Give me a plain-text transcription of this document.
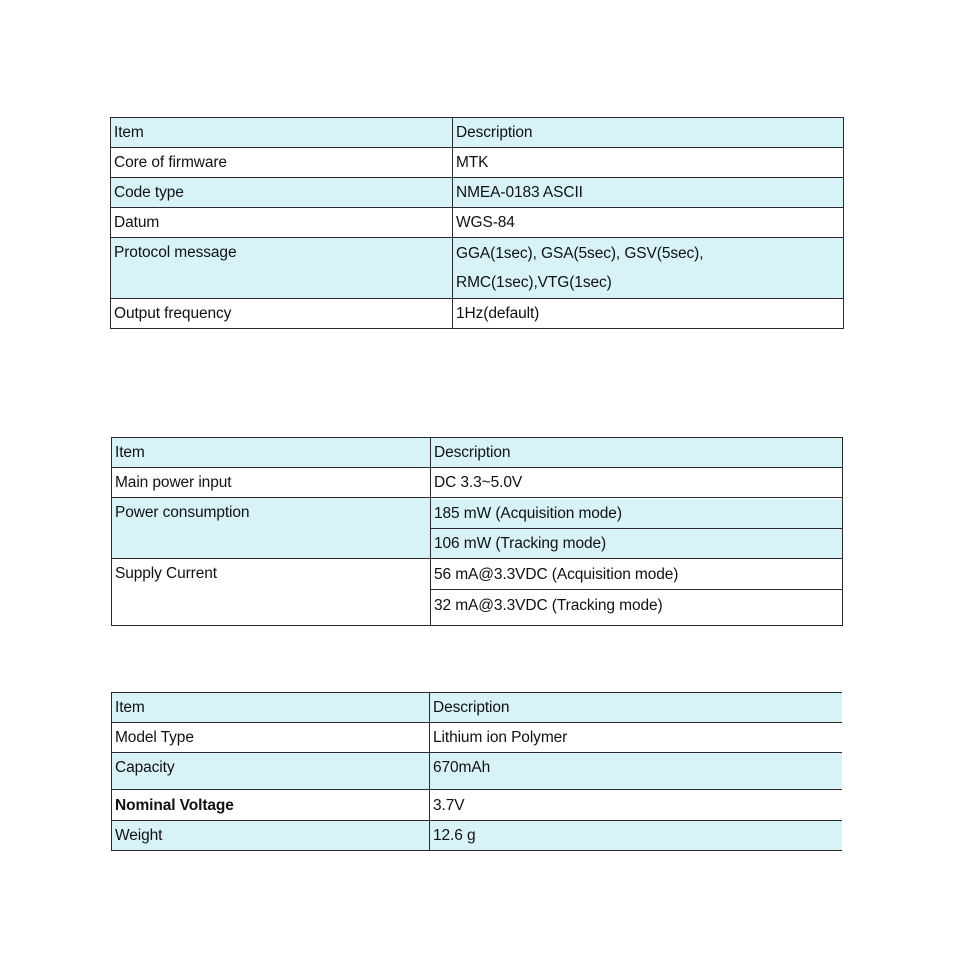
Item	Description
Core of firmware	MTK
Code type	NMEA-0183 ASCII
Datum	WGS-84
Protocol message	GGA(1sec), GSA(5sec), GSV(5sec),
RMC(1sec),VTG(1sec)

Output frequency	1Hz(default)
Item	Description
Main power input	DC 3.3~5.0V
Power consumption	185 mW (Acquisition mode)
106 mW (Tracking mode)

Supply Current	56 mA@3.3VDC (Acquisition mode)
32 mA@3.3VDC (Tracking mode)
Item	Description
Model Type	Lithium ion Polymer
Capacity	670mAh
Nominal Voltage	3.7V
Weight	12.6 g
